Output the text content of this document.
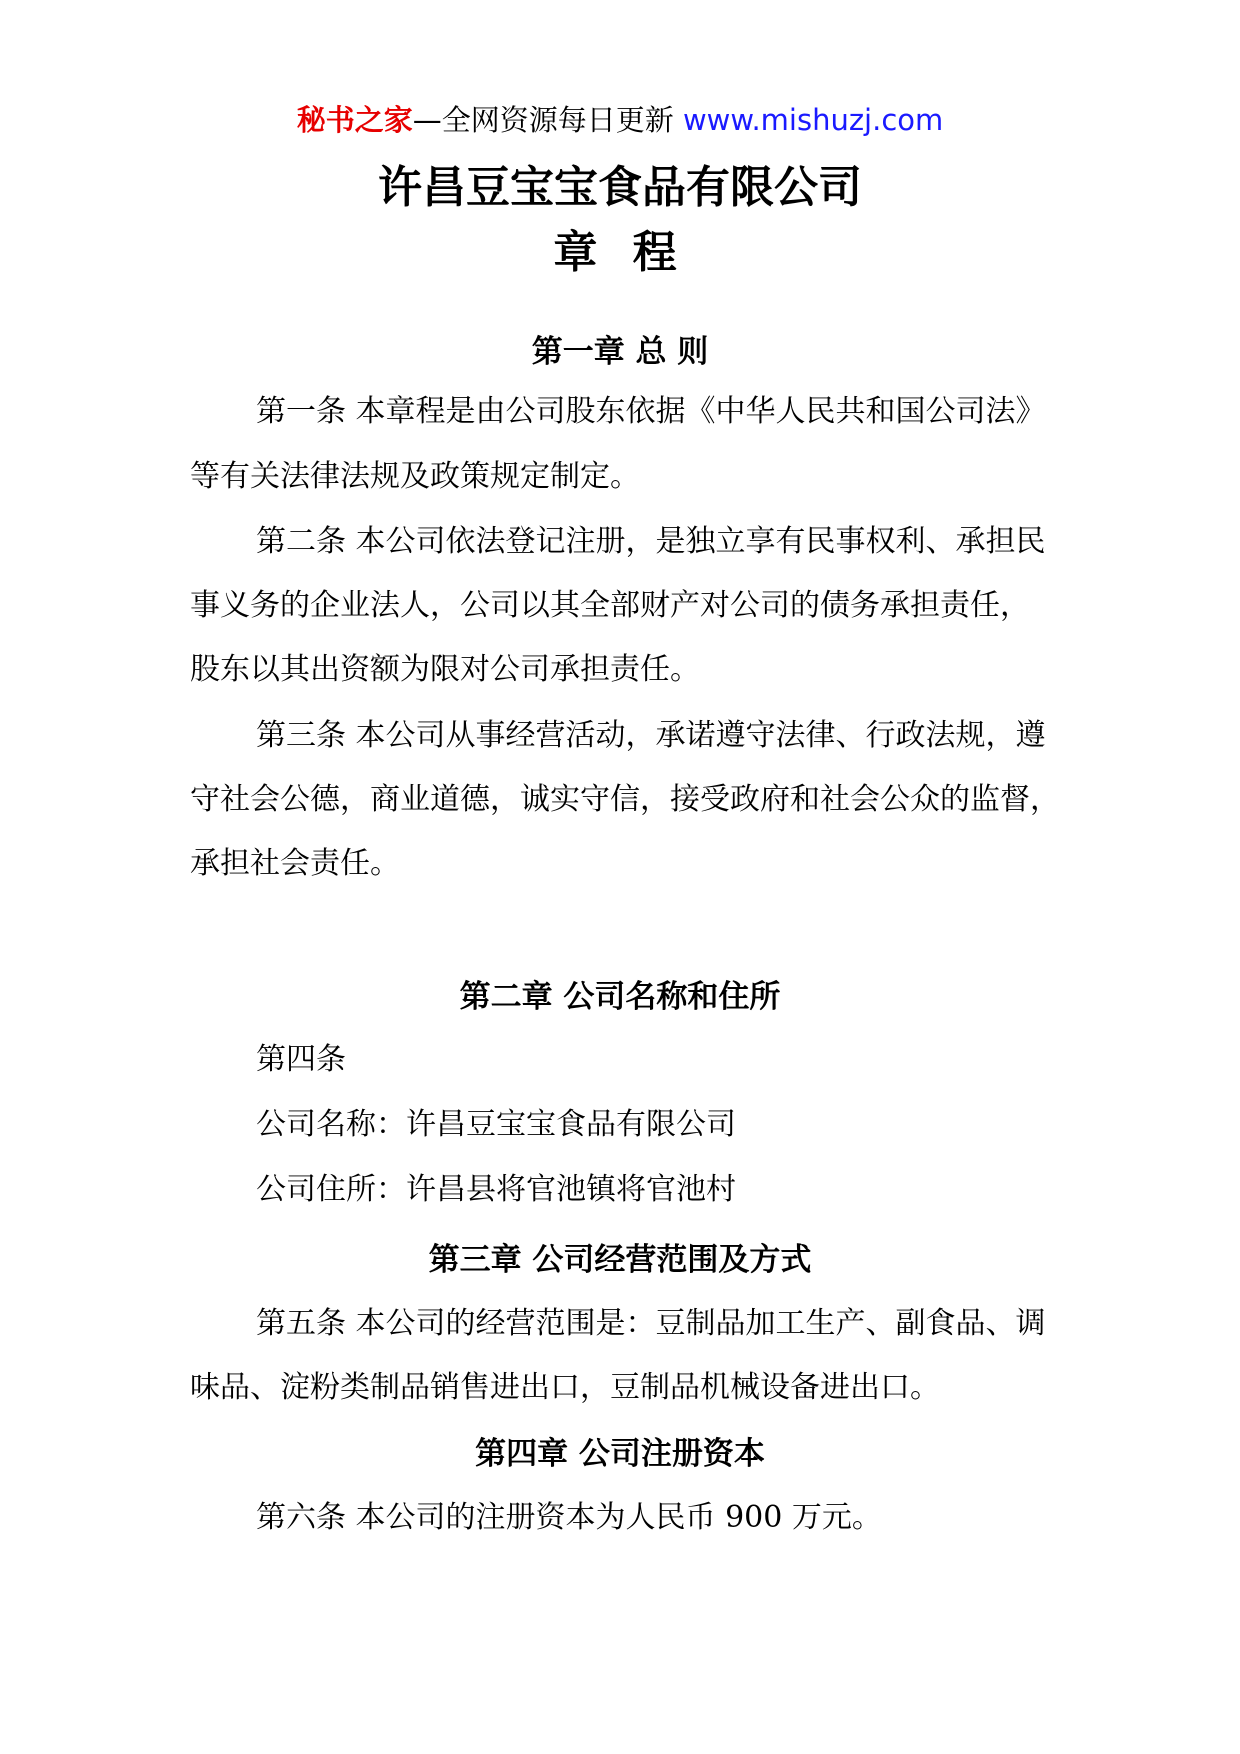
秘书之家—全网资源每日更新 www.mishuzj.com
许昌豆宝宝食品有限公司
章 程
第一章 总 则
第一条 本章程是由公司股东依据《中华人民共和国公司法》
等有关法律法规及政策规定制定。
第二条 本公司依法登记注册，是独立享有民事权利、承担民
事义务的企业法人，公司以其全部财产对公司的债务承担责任，
股东以其出资额为限对公司承担责任。
第三条 本公司从事经营活动，承诺遵守法律、行政法规，遵
守社会公德，商业道德，诚实守信，接受政府和社会公众的监督，
承担社会责任。
第二章 公司名称和住所
第四条
公司名称：许昌豆宝宝食品有限公司
公司住所：许昌县将官池镇将官池村
第三章 公司经营范围及方式
第五条 本公司的经营范围是：豆制品加工生产、副食品、调
味品、淀粉类制品销售进出口，豆制品机械设备进出口。
第四章 公司注册资本
第六条 本公司的注册资本为人民币 900 万元。
